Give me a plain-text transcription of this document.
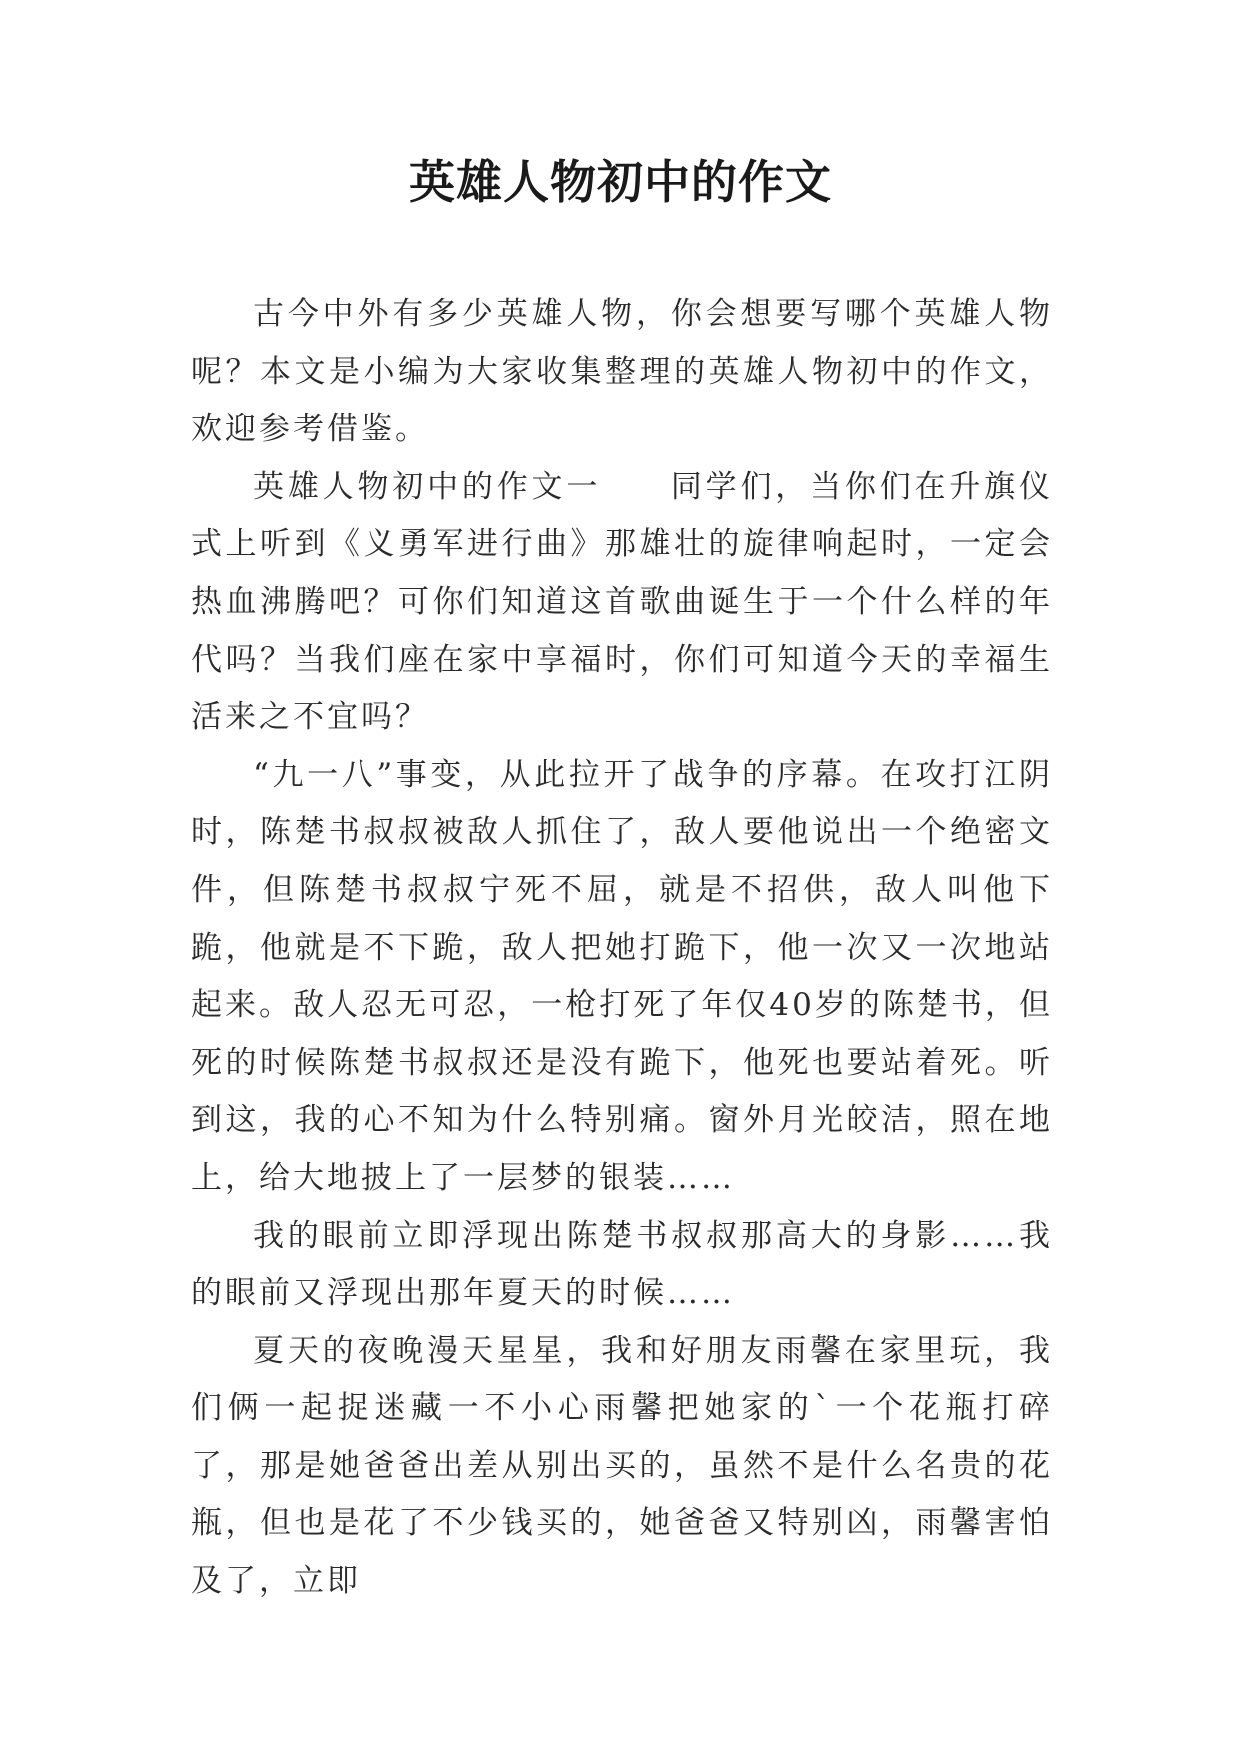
英雄人物初中的作文

古今中外有多少英雄人物，你会想要写哪个英雄人物呢？本文是小编为大家收集整理的英雄人物初中的作文，欢迎参考借鉴。

英雄人物初中的作文一　　同学们，当你们在升旗仪式上听到《义勇军进行曲》那雄壮的旋律响起时，一定会热血沸腾吧？可你们知道这首歌曲诞生于一个什么样的年代吗？当我们座在家中享福时，你们可知道今天的幸福生活来之不宜吗？

“九一八”事变，从此拉开了战争的序幕。在攻打江阴时，陈楚书叔叔被敌人抓住了，敌人要他说出一个绝密文件，但陈楚书叔叔宁死不屈，就是不招供，敌人叫他下跪，他就是不下跪，敌人把她打跪下，他一次又一次地站起来。敌人忍无可忍，一枪打死了年仅40岁的陈楚书，但死的时候陈楚书叔叔还是没有跪下，他死也要站着死。听到这，我的心不知为什么特别痛。窗外月光皎洁，照在地上，给大地披上了一层梦的银装……

我的眼前立即浮现出陈楚书叔叔那高大的身影……我的眼前又浮现出那年夏天的时候……

夏天的夜晚漫天星星，我和好朋友雨馨在家里玩，我们俩一起捉迷藏一不小心雨馨把她家的`一个花瓶打碎了，那是她爸爸出差从别出买的，虽然不是什么名贵的花瓶，但也是花了不少钱买的，她爸爸又特别凶，雨馨害怕及了，立即
